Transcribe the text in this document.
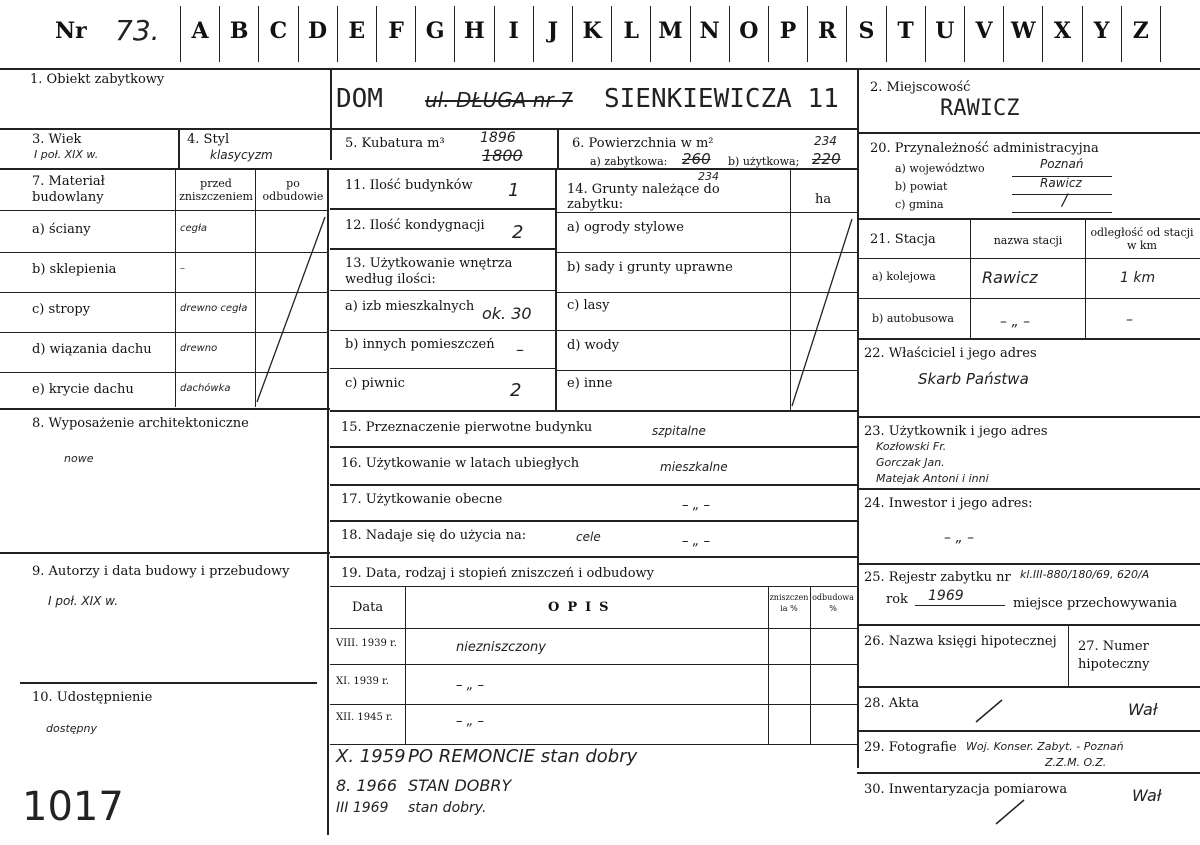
Nr 73.	A B C D E	F G H	I	J	K L M N O P R	S	T U V W X	Y	Z
1. Obiekt zabytkowy
DOM ul. DŁUGA nr 7 SIENKIEWICZA 11 2. Miejscowość
RAWICZ
3. Wiek
I poł. XIX w.
4. Styl
klasycyzm
5. Kubatura m³	1896
1800
6. Powierzchnia w m²
a) zabytkowa: 260 b) użytkowa;
234
220
20. Przynależność administracyjna
a) województwo	Poznań
b) powiat	Rawicz
c) gmina	/
7. Materiał budowlany
przed zniszczeniem
po odbudowie
a) ściany	cegła
b) sklepienia	–
c) stropy	drewno cegła
d) wiązania dachu	drewno
e) krycie dachu	dachówka
11. Ilość budynków 1
12. Ilość kondygnacji 2
13. Użytkowanie wnętrza według ilości:
a) izb mieszkalnych ok. 30
b) innych pomieszczeń –
c) piwnic	2
14. Grunty należące do zabytku:
234
ha
a) ogrody stylowe
b) sady i grunty uprawne
c) lasy
d) wody
e) inne
21. Stacja	nazwa stacji
odległość od stacji w km
a) kolejowa	Rawicz	1 km
b) autobusowa	– „ –	–
22. Właściciel i jego adres
Skarb Państwa
23. Użytkownik i jego adres
Kozłowski Fr.
Gorczak Jan.
Matejak Antoni i inni
24. Inwestor i jego adres:
– „ –
25. Rejestr zabytku nr kl.III-880/180/69, 620/A
rok 1969	miejsce przechowywania
26. Nazwa księgi hipotecznej 27. Numer hipoteczny
28. Akta	Wał
29. Fotografie Woj. Konser. Zabyt. - Poznań
Z.Z.M. O.Z.
30. Inwentaryzacja pomiarowa	Wał
8. Wyposażenie architektoniczne
nowe
9. Autorzy i data budowy i przebudowy
I poł. XIX w.
10. Udostępnienie
dostępny
1017
15. Przeznaczenie pierwotne budynku	szpitalne
16. Użytkowanie w latach ubiegłych	mieszkalne
17. Użytkowanie obecne	– „ –
18. Nadaje się do użycia na:	cele	– „ –
19. Data, rodzaj i stopień zniszczeń i odbudowy
Data	OPIS
zniszczenia %
odbudowa %
VIII. 1939 r.	niezniszczony
XI. 1939 r.	– „ –
XII. 1945 r.	– „ –
X. 1959 PO REMONCIE stan dobry
8. 1966 STAN DOBRY
III 1969 stan dobry.
